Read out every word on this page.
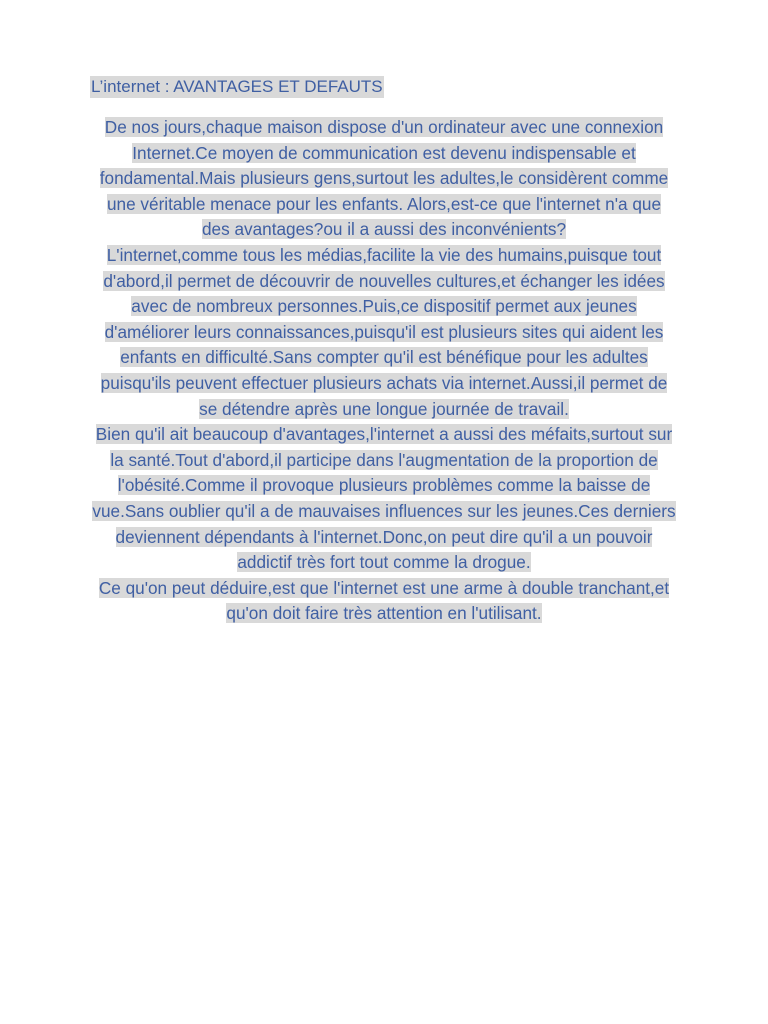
L’internet : AVANTAGES ET DEFAUTS

De nos jours,chaque maison dispose d'un ordinateur avec une connexion Internet.Ce moyen de communication est devenu indispensable et fondamental.Mais plusieurs gens,surtout les adultes,le considèrent comme une véritable menace pour les enfants. Alors,est-ce que l'internet n'a que des avantages?ou il a aussi des inconvénients?

L'internet,comme tous les médias,facilite la vie des humains,puisque tout d'abord,il permet de découvrir de nouvelles cultures,et échanger les idées avec de nombreux personnes.Puis,ce dispositif permet aux jeunes d'améliorer leurs connaissances,puisqu'il est plusieurs sites qui aident les enfants en difficulté.Sans compter qu'il est bénéfique pour les adultes puisqu'ils peuvent effectuer plusieurs achats via internet.Aussi,il permet de se détendre après une longue journée de travail.

Bien qu'il ait beaucoup d'avantages,l'internet a aussi des méfaits,surtout sur la santé.Tout d'abord,il participe dans l'augmentation de la proportion de l'obésité.Comme il provoque plusieurs problèmes comme la baisse de vue.Sans oublier qu'il a de mauvaises influences sur les jeunes.Ces derniers deviennent dépendants à l'internet.Donc,on peut dire qu'il a un pouvoir addictif très fort tout comme la drogue.

Ce qu'on peut déduire,est que l'internet est une arme à double tranchant,et qu'on doit faire très attention en l'utilisant.
